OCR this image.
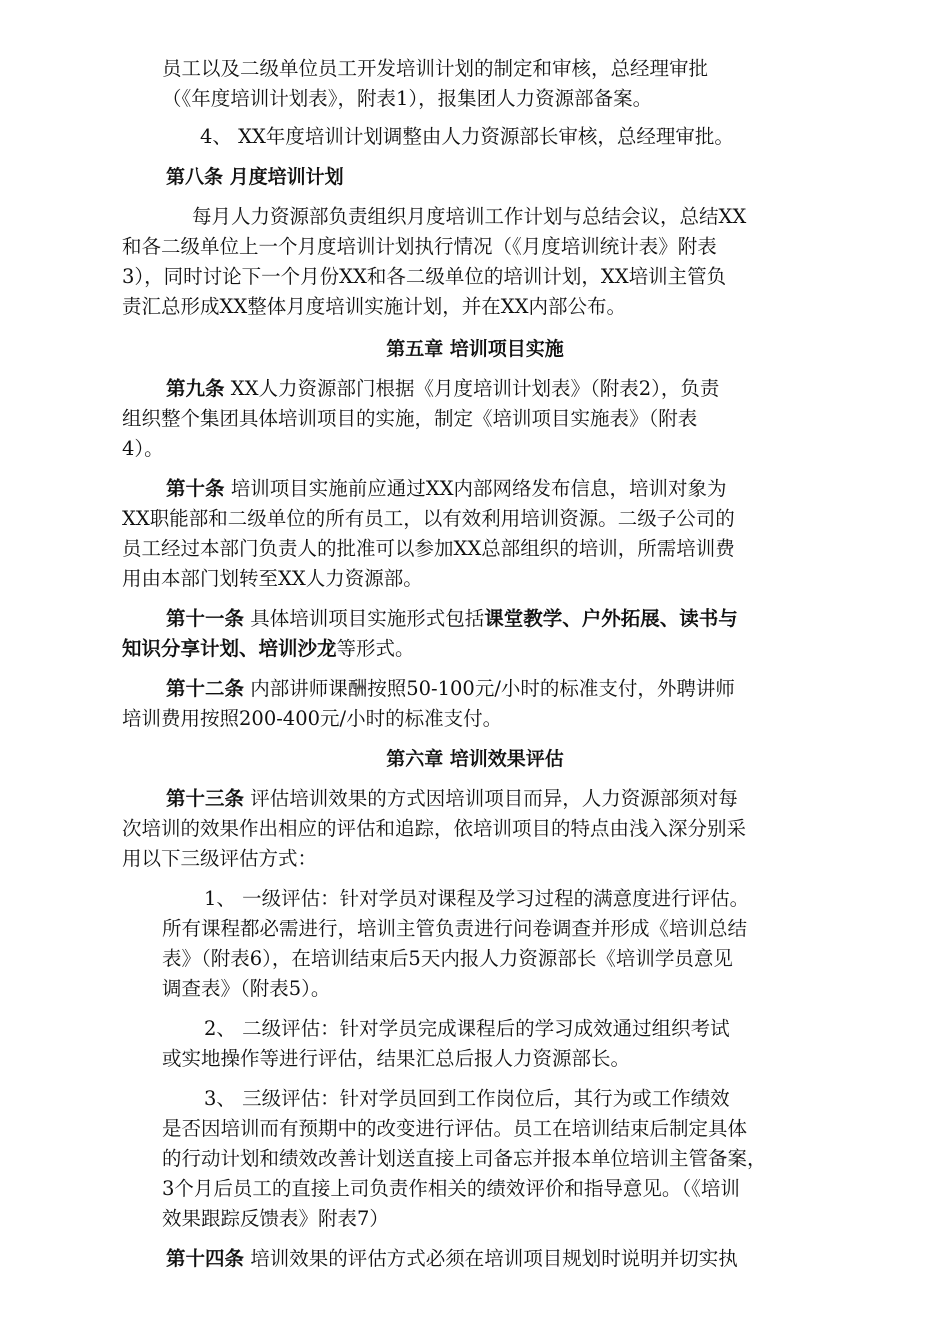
员工以及二级单位员工开发培训计划的制定和审核，总经理审批

（《年度培训计划表》，附表1），报集团人力资源部备案。

4、 XX年度培训计划调整由人力资源部长审核，总经理审批。

第八条 月度培训计划

每月人力资源部负责组织月度培训工作计划与总结会议，总结XX

和各二级单位上一个月度培训计划执行情况（《月度培训统计表》附表

3），同时讨论下一个月份XX和各二级单位的培训计划，XX培训主管负

责汇总形成XX整体月度培训实施计划，并在XX内部公布。

第五章 培训项目实施

第九条 XX人力资源部门根据《月度培训计划表》（附表2），负责

组织整个集团具体培训项目的实施，制定《培训项目实施表》（附表

4）。

第十条 培训项目实施前应通过XX内部网络发布信息，培训对象为

XX职能部和二级单位的所有员工，以有效利用培训资源。二级子公司的

员工经过本部门负责人的批准可以参加XX总部组织的培训，所需培训费

用由本部门划转至XX人力资源部。

第十一条 具体培训项目实施形式包括课堂教学、户外拓展、读书与

知识分享计划、培训沙龙等形式。

第十二条 内部讲师课酬按照50-100元/小时的标准支付，外聘讲师

培训费用按照200-400元/小时的标准支付。

第六章 培训效果评估

第十三条 评估培训效果的方式因培训项目而异，人力资源部须对每

次培训的效果作出相应的评估和追踪，依培训项目的特点由浅入深分别采

用以下三级评估方式：

1、 一级评估：针对学员对课程及学习过程的满意度进行评估。

所有课程都必需进行，培训主管负责进行问卷调查并形成《培训总结

表》（附表6），在培训结束后5天内报人力资源部长《培训学员意见

调查表》（附表5）。

2、 二级评估：针对学员完成课程后的学习成效通过组织考试

或实地操作等进行评估，结果汇总后报人力资源部长。

3、 三级评估：针对学员回到工作岗位后，其行为或工作绩效

是否因培训而有预期中的改变进行评估。员工在培训结束后制定具体

的行动计划和绩效改善计划送直接上司备忘并报本单位培训主管备案，

3个月后员工的直接上司负责作相关的绩效评价和指导意见。（《培训

效果跟踪反馈表》附表7）

第十四条 培训效果的评估方式必须在培训项目规划时说明并切实执
